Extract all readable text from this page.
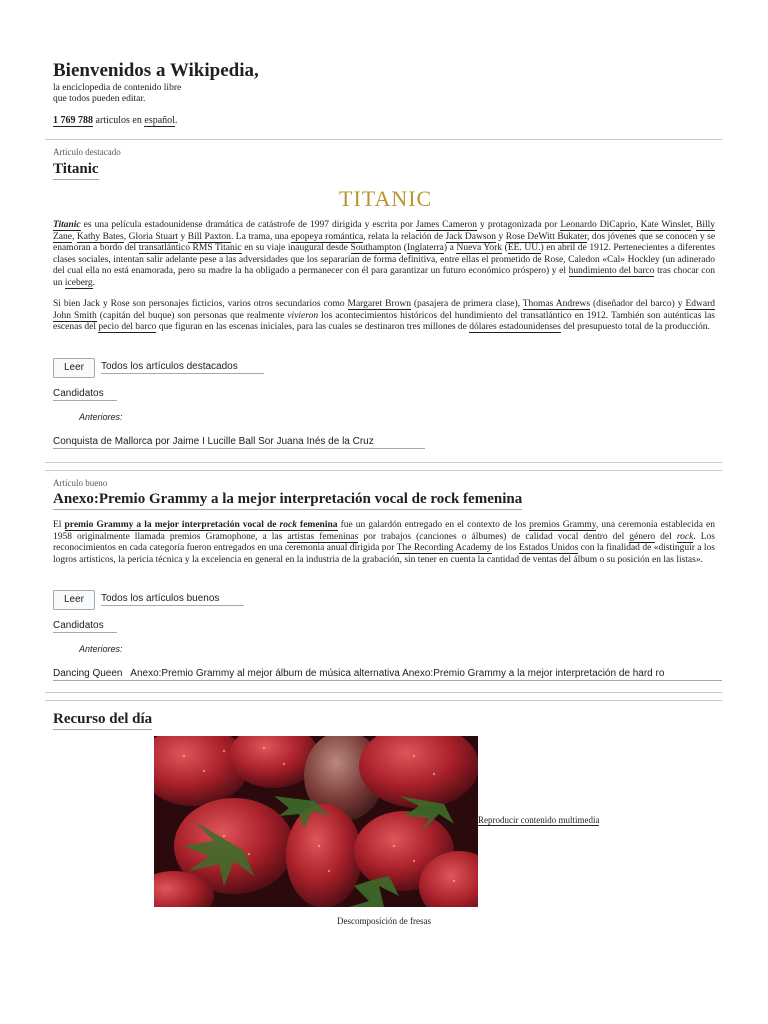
Bienvenidos a Wikipedia,
la enciclopedia de contenido libre que todos pueden editar.
1 769 788 artículos en español.
Artículo destacado
Titanic
TITANIC
Titanic es una película estadounidense dramática de catástrofe de 1997 dirigida y escrita por James Cameron y protagonizada por Leonardo DiCaprio, Kate Winslet, Billy Zane, Kathy Bates, Gloria Stuart y Bill Paxton. La trama, una epopeya romántica, relata la relación de Jack Dawson y Rose DeWitt Bukater, dos jóvenes que se conocen y se enamoran a bordo del transatlántico RMS Titanic en su viaje inaugural desde Southampton (Inglaterra) a Nueva York (EE. UU.) en abril de 1912. Pertenecientes a diferentes clases sociales, intentan salir adelante pese a las adversidades que los separarían de forma definitiva, entre ellas el prometido de Rose, Caledon «Cal» Hockley (un adinerado del cual ella no está enamorada, pero su madre la ha obligado a permanecer con él para garantizar un futuro económico próspero) y el hundimiento del barco tras chocar con un iceberg.
Si bien Jack y Rose son personajes ficticios, varios otros secundarios como Margaret Brown (pasajera de primera clase), Thomas Andrews (diseñador del barco) y Edward John Smith (capitán del buque) son personas que realmente vivieron los acontecimientos históricos del hundimiento del transatlántico en 1912. También son auténticas las escenas del pecio del barco que figuran en las escenas iniciales, para las cuales se destinaron tres millones de dólares estadounidenses del presupuesto total de la producción.
Leer	Todos los artículos destacados
Candidatos
Anteriores:
Conquista de Mallorca por Jaime I Lucille Ball Sor Juana Inés de la Cruz
Artículo bueno
Anexo:Premio Grammy a la mejor interpretación vocal de rock femenina
El premio Grammy a la mejor interpretación vocal de rock femenina fue un galardón entregado en el contexto de los premios Grammy, una ceremonia establecida en 1958 originalmente llamada premios Gramophone, a las artistas femeninas por trabajos (canciones o álbumes) de calidad vocal dentro del género del rock. Los reconocimientos en cada categoría fueron entregados en una ceremonia anual dirigida por The Recording Academy de los Estados Unidos con la finalidad de «distinguir a los logros artísticos, la pericia técnica y la excelencia en general en la industria de la grabación, sin tener en cuenta la cantidad de ventas del álbum o su posición en las listas».
Leer	Todos los artículos buenos
Candidatos
Anteriores:
Dancing Queen Anexo:Premio Grammy al mejor álbum de música alternativa Anexo:Premio Grammy a la mejor interpretación de hard ro
Recurso del día
Reproducir contenido multimedia
Descomposición de fresas
